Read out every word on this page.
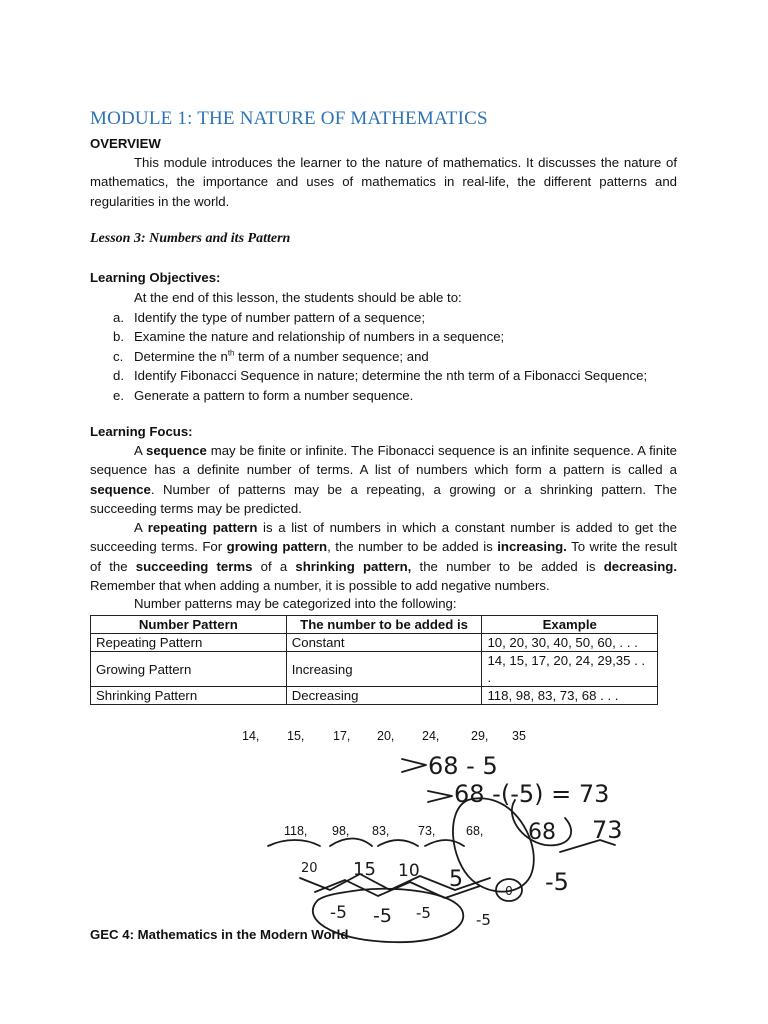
MODULE 1: THE NATURE OF MATHEMATICS
OVERVIEW
This module introduces the learner to the nature of mathematics. It discusses the nature of mathematics, the importance and uses of mathematics in real-life, the different patterns and regularities in the world.
Lesson 3: Numbers and its Pattern
Learning Objectives:
At the end of this lesson, the students should be able to:
a. Identify the type of number pattern of a sequence;
b. Examine the nature and relationship of numbers in a sequence;
c. Determine the $n^{th}$ term of a number sequence; and
d. Identify Fibonacci Sequence in nature; determine the nth term of a Fibonacci Sequence;
e. Generate a pattern to form a number sequence.
Learning Focus:
A sequence may be finite or infinite. The Fibonacci sequence is an infinite sequence. A finite sequence has a definite number of terms. A list of numbers which form a pattern is called a sequence. Number of patterns may be a repeating, a growing or a shrinking pattern. The succeeding terms may be predicted.
A repeating pattern is a list of numbers in which a constant number is added to get the succeeding terms. For growing pattern, the number to be added is increasing. To write the result of the succeeding terms of a shrinking pattern, the number to be added is decreasing. Remember that when adding a number, it is possible to add negative numbers.
Number patterns may be categorized into the following:
Number Pattern	The number to be added is	Example
Repeating Pattern	Constant	10, 20, 30, 40, 50, 60, . . .
Growing Pattern	Increasing	14, 15, 17, 20, 24, 29,35 . . .
Shrinking Pattern	Decreasing	118, 98, 83, 73, 68 . . .
14, 15, 17, 20, 24,	29, 35
118, 98, 83, 73, 68,
68 - 5
68 -(-5) = 73
68 73
20 15 10 5	-5
0
-5 -5 -5	-5
GEC 4: Mathematics in the Modern World
